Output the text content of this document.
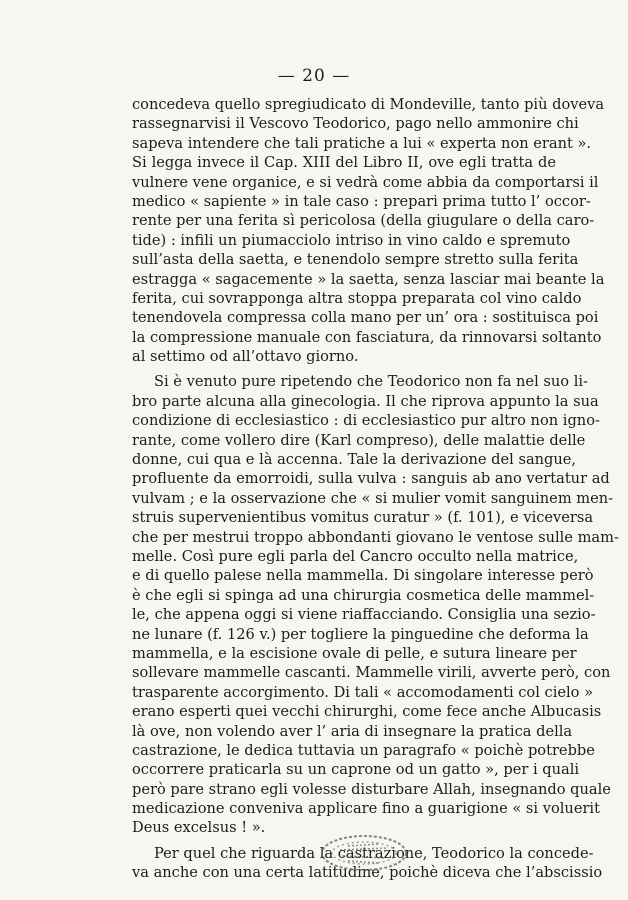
— 20 —
concedeva quello spregiudicato di Mondeville, tanto più doveva
rassegnarvisi il Vescovo Teodorico, pago nello ammonire chi
sapeva intendere che tali pratiche a lui « experta non erant ».
Si legga invece il Cap. XIII del Libro II, ove egli tratta de
vulnere vene organice, e si vedrà come abbia da comportarsi il
medico « sapiente » in tale caso : prepari prima tutto l’ occor-
rente per una ferita sì pericolosa (della giugulare o della caro-
tide) : infili un piumacciolo intriso in vino caldo e spremuto
sull’asta della saetta, e tenendolo sempre stretto sulla ferita
estragga « sagacemente » la saetta, senza lasciar mai beante la
ferita, cui sovrapponga altra stoppa preparata col vino caldo
tenendovela compressa colla mano per un’ ora : sostituisca poi
la compressione manuale con fasciatura, da rinnovarsi soltanto
al settimo od all’ottavo giorno.
Si è venuto pure ripetendo che Teodorico non fa nel suo li-
bro parte alcuna alla ginecologia. Il che riprova appunto la sua
condizione di ecclesiastico : di ecclesiastico pur altro non igno-
rante, come vollero dire (Karl compreso), delle malattie delle
donne, cui qua e là accenna. Tale la derivazione del sangue,
profluente da emorroidi, sulla vulva : sanguis ab ano vertatur ad
vulvam ; e la osservazione che « si mulier vomit sanguinem men-
struis supervenientibus vomitus curatur » (f. 101), e viceversa
che per mestrui troppo abbondanti giovano le ventose sulle mam-
melle. Così pure egli parla del Cancro occulto nella matrice,
e di quello palese nella mammella. Di singolare interesse però
è che egli si spinga ad una chirurgia cosmetica delle mammel-
le, che appena oggi si viene riaffacciando. Consiglia una sezio-
ne lunare (f. 126 v.) per togliere la pinguedine che deforma la
mammella, e la escisione ovale di pelle, e sutura lineare per
sollevare mammelle cascanti. Mammelle virili, avverte però, con
trasparente accorgimento. Di tali « accomodamenti col cielo »
erano esperti quei vecchi chirurghi, come fece anche Albucasis
là ove, non volendo aver l’ aria di insegnare la pratica della
castrazione, le dedica tuttavia un paragrafo « poichè potrebbe
occorrere praticarla su un caprone od un gatto », per i quali
però pare strano egli volesse disturbare Allah, insegnando quale
medicazione conveniva applicare fino a guarigione « si voluerit
Deus excelsus ! ».
Per quel che riguarda la castrazione, Teodorico la concede-
va anche con una certa latitudine, poichè diceva che l’abscissio
